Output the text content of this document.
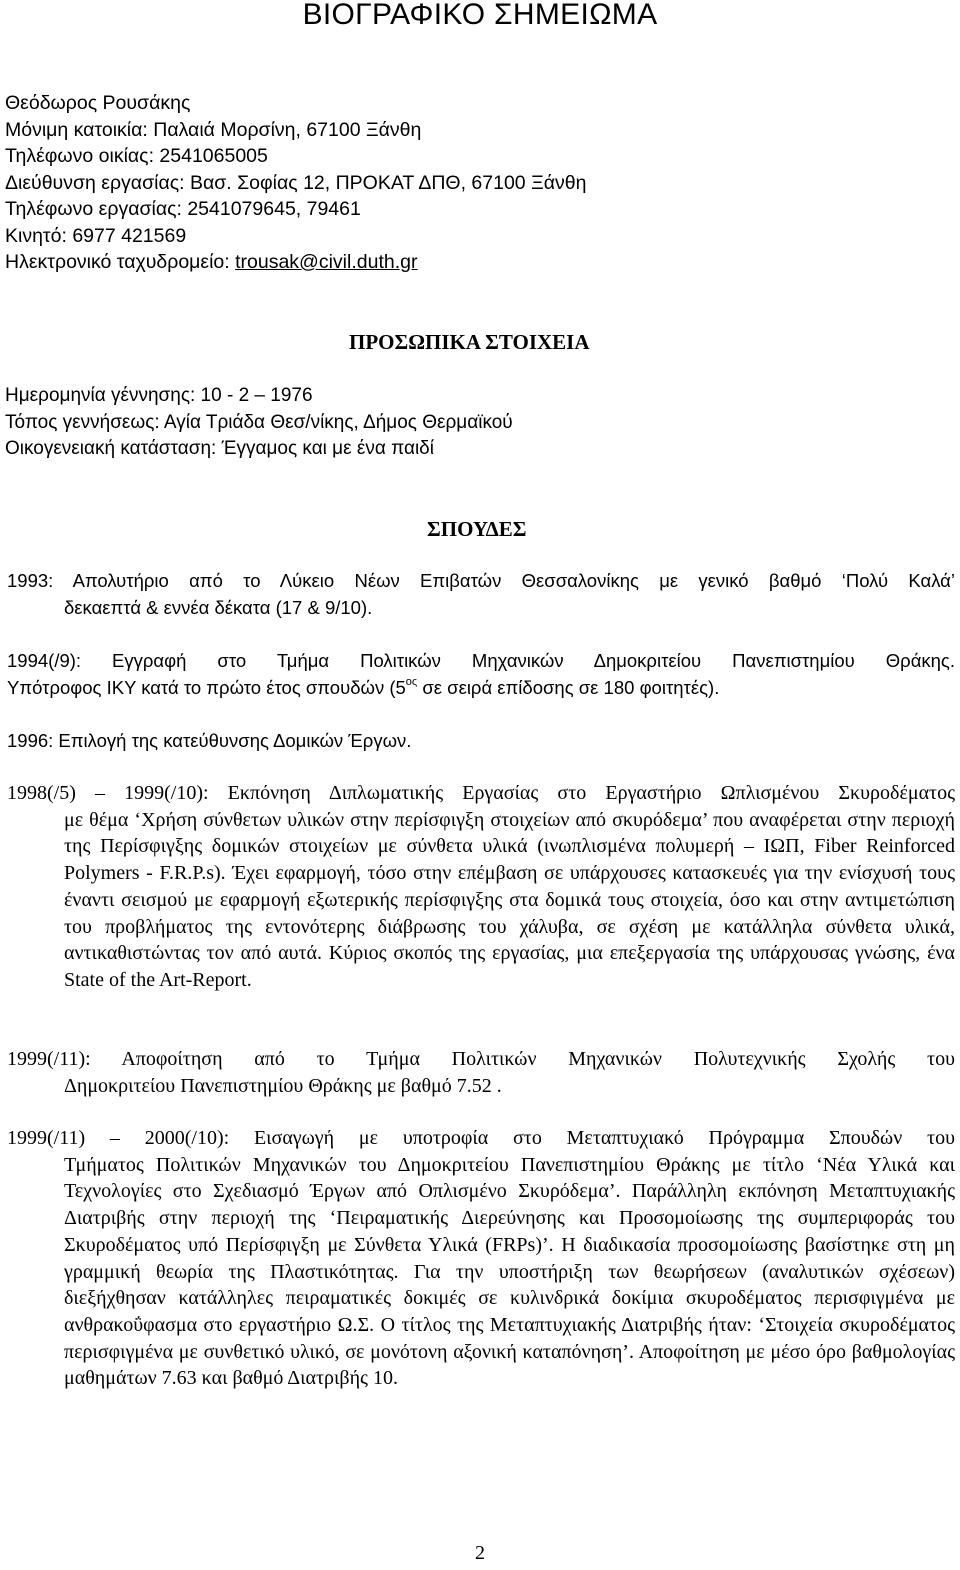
ΒΙΟΓΡΑΦΙΚΟ ΣΗΜΕΙΩΜΑ
Θεόδωρος Ρουσάκης
Μόνιμη κατοικία: Παλαιά Μορσίνη, 67100 Ξάνθη
Τηλέφωνο οικίας: 2541065005
Διεύθυνση εργασίας: Βασ. Σοφίας 12, ΠΡΟΚΑΤ ΔΠΘ, 67100 Ξάνθη
Τηλέφωνο εργασίας: 2541079645, 79461
Κινητό: 6977 421569
Ηλεκτρονικό ταχυδρομείο: trousak@civil.duth.gr
ΠΡΟΣΩΠΙΚΑ ΣΤΟΙΧΕΙΑ
Ημερομηνία γέννησης: 10 - 2 – 1976
Τόπος γεννήσεως: Αγία Τριάδα Θεσ/νίκης, Δήμος Θερμαϊκού
Οικογενειακή κατάσταση: Έγγαμος και με ένα παιδί
ΣΠΟΥΔΕΣ
1993: Απολυτήριο από το Λύκειο Νέων Επιβατών Θεσσαλονίκης με γενικό βαθμό ‘Πολύ Καλά’
δεκαεπτά & εννέα δέκατα (17 & 9/10).
1994(/9): Εγγραφή στο Τμήμα Πολιτικών Μηχανικών Δημοκριτείου Πανεπιστημίου Θράκης.
Υπότροφος ΙΚΥ κατά το πρώτο έτος σπουδών ($5^{o\varsigma}$ σε σειρά επίδοσης σε 180 φοιτητές).
1996: Επιλογή της κατεύθυνσης Δομικών Έργων.
1998(/5) – 1999(/10): Εκπόνηση Διπλωματικής Εργασίας στο Εργαστήριο Ωπλισμένου Σκυροδέματος
με θέμα ‘Χρήση σύνθετων υλικών στην περίσφιγξη στοιχείων από σκυρόδεμα’ που αναφέρεται στην περιοχή της Περίσφιγξης δομικών στοιχείων με σύνθετα υλικά (ινωπλισμένα πολυμερή – ΙΩΠ, Fiber Reinforced Polymers - F.R.P.s). Έχει εφαρμογή, τόσο στην επέμβαση σε υπάρχουσες κατασκευές για την ενίσχυσή τους έναντι σεισμού με εφαρμογή εξωτερικής περίσφιγξης στα δομικά τους στοιχεία, όσο και στην αντιμετώπιση του προβλήματος της εντονότερης διάβρωσης του χάλυβα, σε σχέση με κατάλληλα σύνθετα υλικά, αντικαθιστώντας τον από αυτά. Κύριος σκοπός της εργασίας, μια επεξεργασία της υπάρχουσας γνώσης, ένα State of the Art-Report.
1999(/11): Αποφοίτηση από το Τμήμα Πολιτικών Μηχανικών Πολυτεχνικής Σχολής του
Δημοκριτείου Πανεπιστημίου Θράκης με βαθμό 7.52 .
1999(/11) – 2000(/10): Εισαγωγή με υποτροφία στο Μεταπτυχιακό Πρόγραμμα Σπουδών του
Τμήματος Πολιτικών Μηχανικών του Δημοκριτείου Πανεπιστημίου Θράκης με τίτλο ‘Νέα Υλικά και Τεχνολογίες στο Σχεδιασμό Έργων από Οπλισμένο Σκυρόδεμα’. Παράλληλη εκπόνηση Μεταπτυχιακής Διατριβής στην περιοχή της ‘Πειραματικής Διερεύνησης και Προσομοίωσης της συμπεριφοράς του Σκυροδέματος υπό Περίσφιγξη με Σύνθετα Υλικά (FRPs)’. Η διαδικασία προσομοίωσης βασίστηκε στη μη γραμμική θεωρία της Πλαστικότητας. Για την υποστήριξη των θεωρήσεων (αναλυτικών σχέσεων) διεξήχθησαν κατάλληλες πειραματικές δοκιμές σε κυλινδρικά δοκίμια σκυροδέματος περισφιγμένα με ανθρακοΰφασμα στο εργαστήριο Ω.Σ. Ο τίτλος της Μεταπτυχιακής Διατριβής ήταν: ‘Στοιχεία σκυροδέματος περισφιγμένα με συνθετικό υλικό, σε μονότονη αξονική καταπόνηση’. Αποφοίτηση με μέσο όρο βαθμολογίας μαθημάτων 7.63 και βαθμό Διατριβής 10.
2
